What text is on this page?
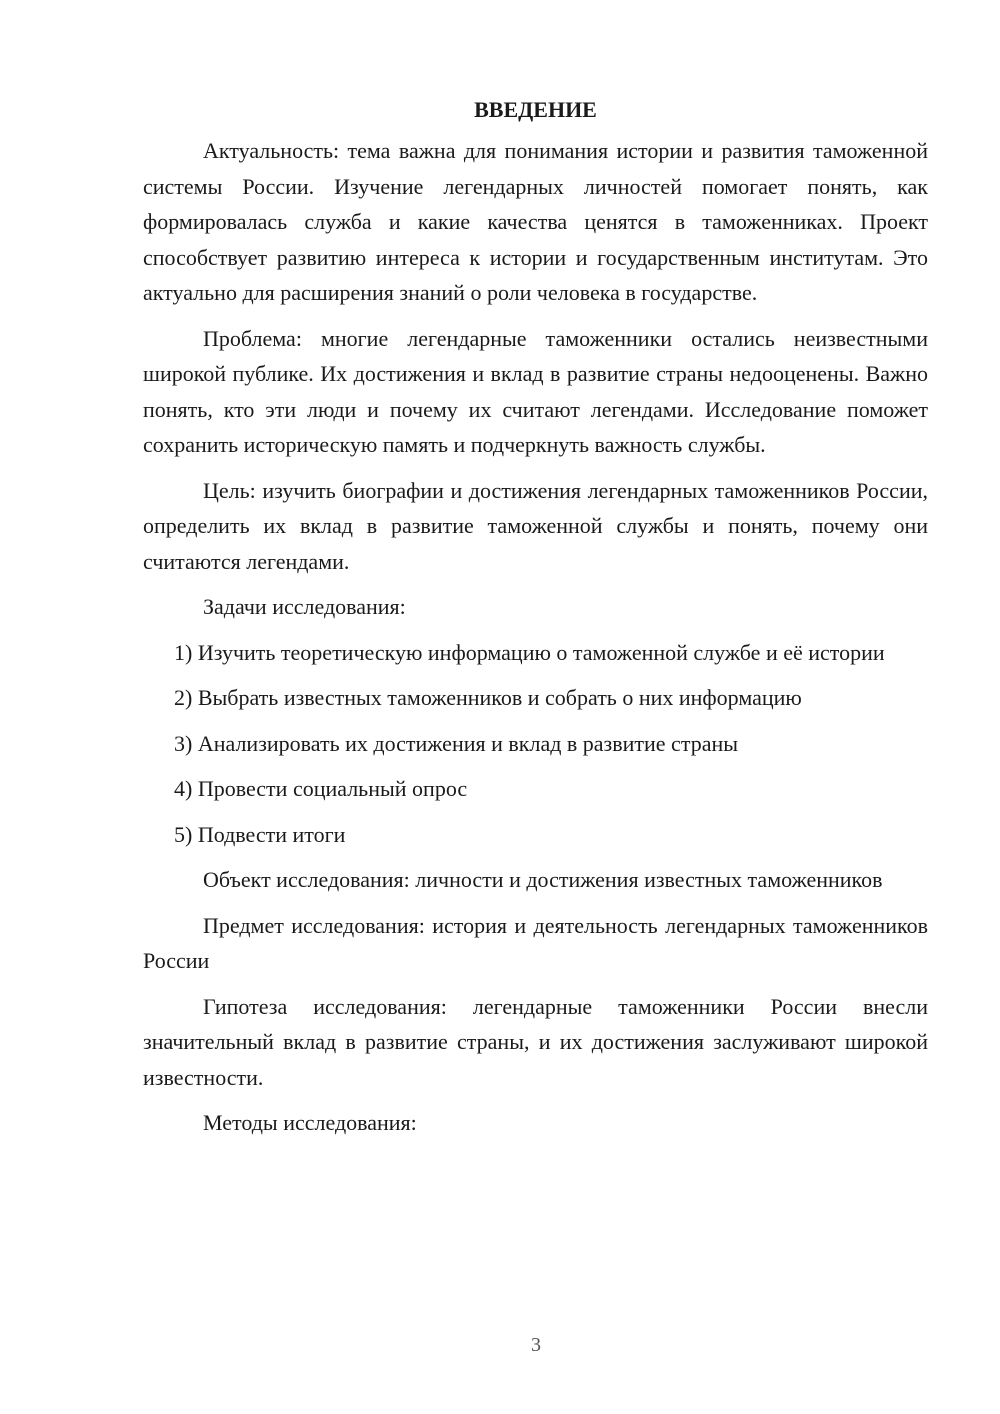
ВВЕДЕНИЕ

Актуальность: тема важна для понимания истории и развития таможенной системы России. Изучение легендарных личностей помогает понять, как формировалась служба и какие качества ценятся в таможенниках. Проект способствует развитию интереса к истории и государственным институтам. Это актуально для расширения знаний о роли человека в государстве.

Проблема: многие легендарные таможенники остались неизвестными широкой публике. Их достижения и вклад в развитие страны недооценены. Важно понять, кто эти люди и почему их считают легендами. Исследование поможет сохранить историческую память и подчеркнуть важность службы.

Цель: изучить биографии и достижения легендарных таможенников России, определить их вклад в развитие таможенной службы и понять, почему они считаются легендами.

Задачи исследования:

1) Изучить теоретическую информацию о таможенной службе и её истории

2) Выбрать известных таможенников и собрать о них информацию

3) Анализировать их достижения и вклад в развитие страны

4) Провести социальный опрос

5) Подвести итоги

Объект исследования: личности и достижения известных таможенников

Предмет исследования: история и деятельность легендарных таможенников России

Гипотеза исследования: легендарные таможенники России внесли значительный вклад в развитие страны, и их достижения заслуживают широкой известности.

Методы исследования:

3
